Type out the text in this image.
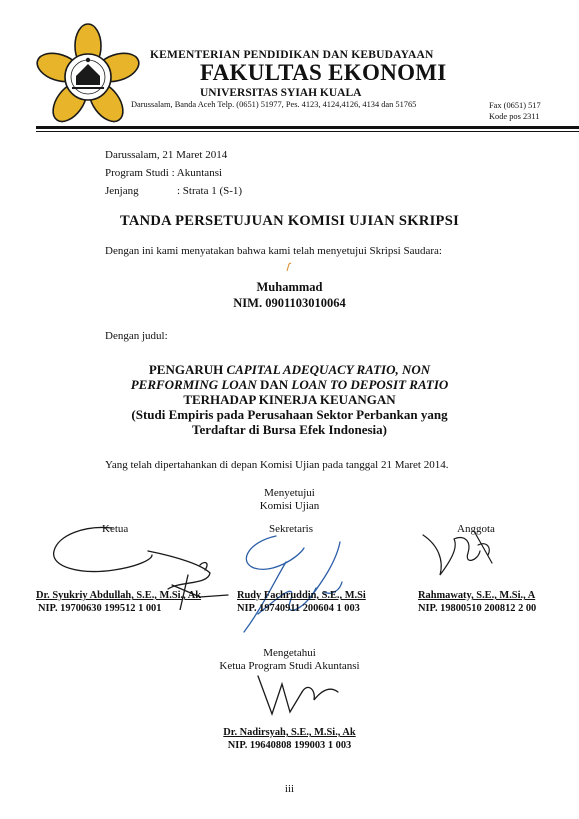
KEMENTERIAN PENDIDIKAN DAN KEBUDAYAAN
FAKULTAS EKONOMI
UNIVERSITAS SYIAH KUALA
Darussalam, Banda Aceh Telp. (0651) 51977, Pes. 4123, 4124,4126, 4134 dan 51765	Fax (0651) 517
Kode pos 2311
Darussalam, 21 Maret 2014
Program Studi : Akuntansi
Jenjang	: Strata 1 (S-1)
TANDA PERSETUJUAN KOMISI UJIAN SKRIPSI
Dengan ini kami menyatakan bahwa kami telah menyetujui Skripsi Saudara:
Muhammad
NIM. 0901103010064
Dengan judul:
PENGARUH CAPITAL ADEQUACY RATIO, NON
PERFORMING LOAN DAN LOAN TO DEPOSIT RATIO
TERHADAP KINERJA KEUANGAN
(Studi Empiris pada Perusahaan Sektor Perbankan yang
Terdaftar di Bursa Efek Indonesia)
Yang telah dipertahankan di depan Komisi Ujian pada tanggal 21 Maret 2014.
Menyetujui
Komisi Ujian
Ketua	Sekretaris	Anggota
Dr. Syukriy Abdullah, S.E., M.Si., Ak
NIP. 19700630 199512 1 001
Rudy Fachruddin, S.E., M.Si
NIP. 19740911 200604 1 003
Rahmawaty, S.E., M.Si., A
NIP. 19800510 200812 2 00
Mengetahui
Ketua Program Studi Akuntansi
Dr. Nadirsyah, S.E., M.Si., Ak
NIP. 19640808 199003 1 003
iii
